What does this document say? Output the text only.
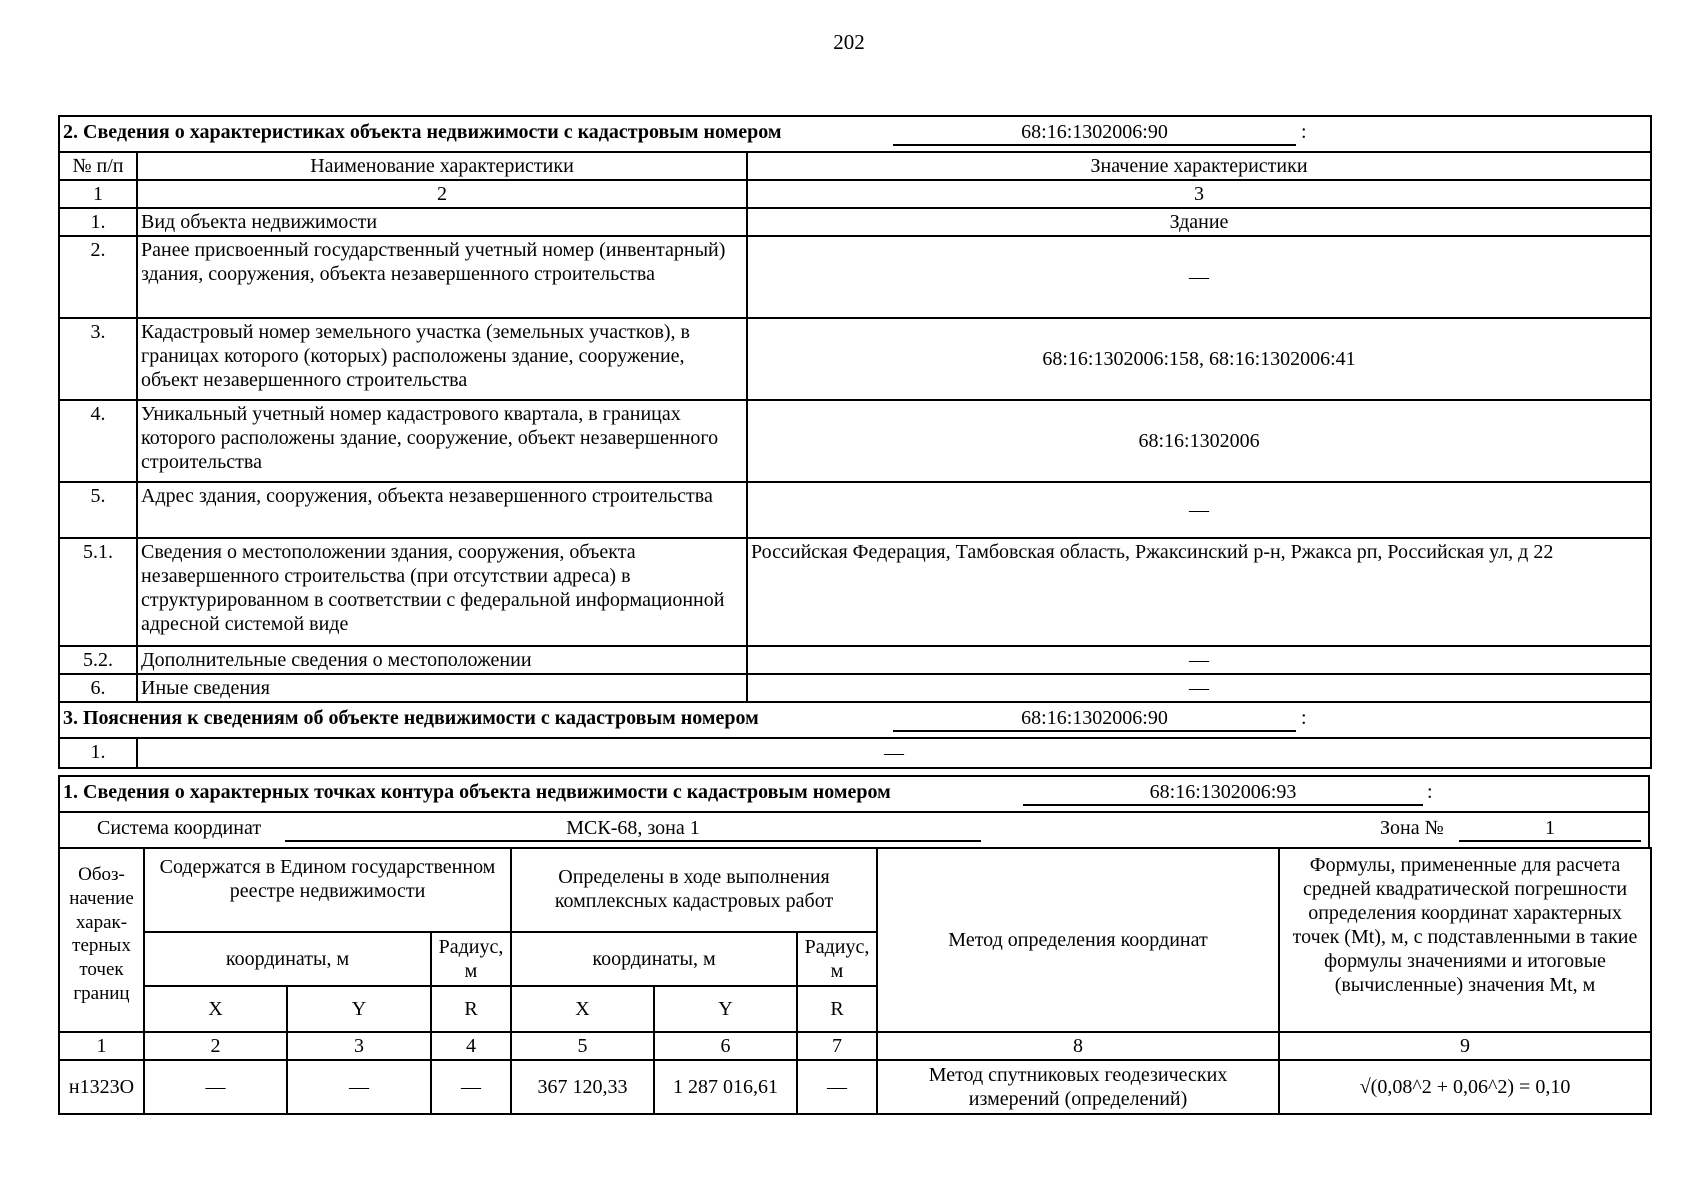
202
2. Сведения о характеристиках объекта недвижимости с кадастровым номером 68:16:1302006:90 :		

№ п/п	Наименование характеристики	Значение характеристики
1	2	3
1.	Вид объекта недвижимости	Здание
2.	Ранее присвоенный государственный учетный номер (инвентарный) здания, сооружения, объекта незавершенного строительства	—
3.	Кадастровый номер земельного участка (земельных участков), в границах которого (которых) расположены здание, сооружение, объект незавершенного строительства	68:16:1302006:158, 68:16:1302006:41
4.	Уникальный учетный номер кадастрового квартала, в границах которого расположены здание, сооружение, объект незавершенного строительства	68:16:1302006
5.	Адрес здания, сооружения, объекта незавершенного строительства	—
5.1.	Сведения о местоположении здания, сооружения, объекта незавершенного строительства (при отсутствии адреса) в структурированном в соответствии с федеральной информационной адресной системой виде	Российская Федерация, Тамбовская область, Ржаксинский р-н, Ржакса рп, Российская ул, д 22
5.2.	Дополнительные сведения о местоположении	—
6.	Иные сведения	—

3. Пояснения к сведениям об объекте недвижимости с кадастровым номером 68:16:1302006:90 :		

1.	—	
1. Сведения о характерных точках контура объекта недвижимости с кадастровым номером	68:16:1302006:93	:

Система координат	МСК-68, зона 1	Зона №	1
Обоз-начение харак-терных точек границ	Содержатся в Едином государственном реестре недвижимости			Определены в ходе выполнения комплексных кадастровых работ			Метод определения координат	Формулы, примененные для расчета средней квадратической погрешности определения координат характерных точек (Mt), м, с подставленными в такие формулы значениями и итоговые (вычисленные) значения Mt, м
	координаты, м		Радиус, м	координаты, м		Радиус, м		
	X	Y	R	X	Y	R		
1	2	3	4	5	6	7	8	9
н1323О	—	—	—	367 120,33	1 287 016,61	—	Метод спутниковых геодезических измерений (определений)	√(0,08^2 + 0,06^2) = 0,10
